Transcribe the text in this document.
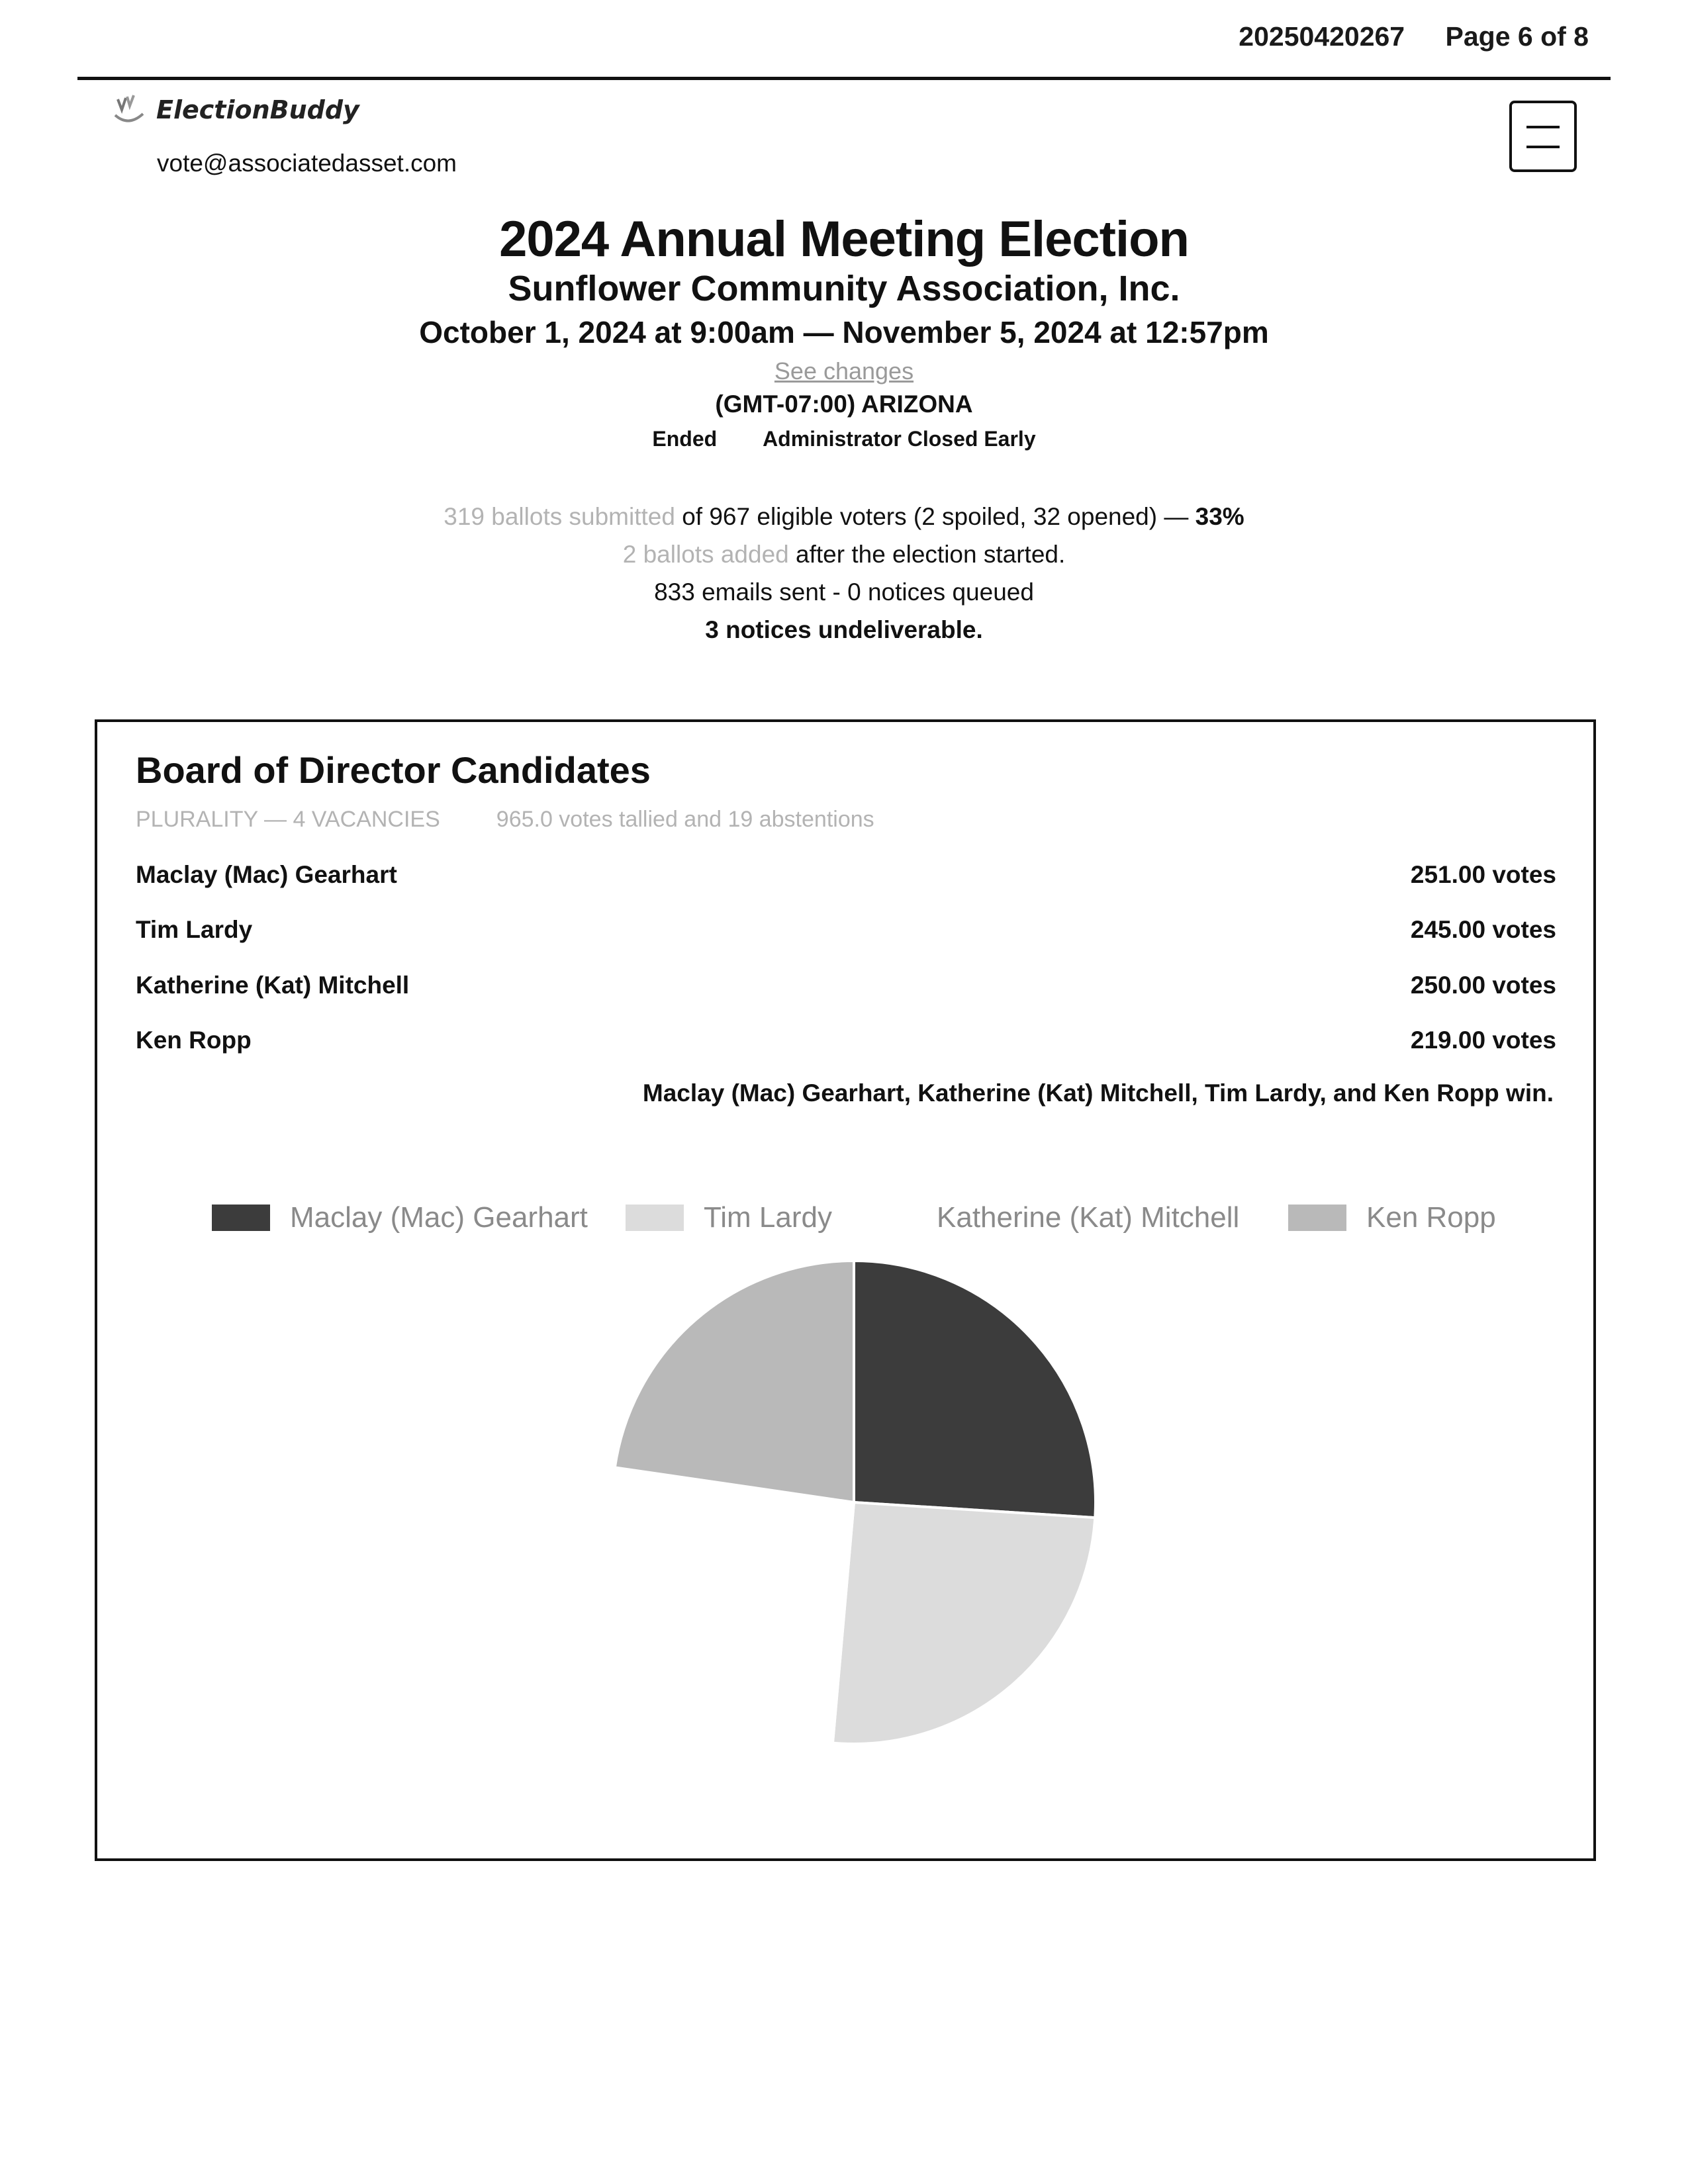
20250420267 Page 6 of 8
ElectionBuddy
vote@associatedasset.com
2024 Annual Meeting Election
Sunflower Community Association, Inc.
October 1, 2024 at 9:00am — November 5, 2024 at 12:57pm
See changes
(GMT-07:00) ARIZONA
Ended Administrator Closed Early
319 ballots submitted of 967 eligible voters (2 spoiled, 32 opened) — 33%
2 ballots added after the election started.
833 emails sent - 0 notices queued
3 notices undeliverable.
Board of Director Candidates
PLURALITY — 4 VACANCIES	965.0 votes tallied and 19 abstentions
Maclay (Mac) Gearhart	251.00 votes
Tim Lardy	245.00 votes
Katherine (Kat) Mitchell	250.00 votes
Ken Ropp	219.00 votes
Maclay (Mac) Gearhart, Katherine (Kat) Mitchell, Tim Lardy, and Ken Ropp win.
Maclay (Mac) Gearhart	Tim Lardy	Katherine (Kat) Mitchell	Ken Ropp
